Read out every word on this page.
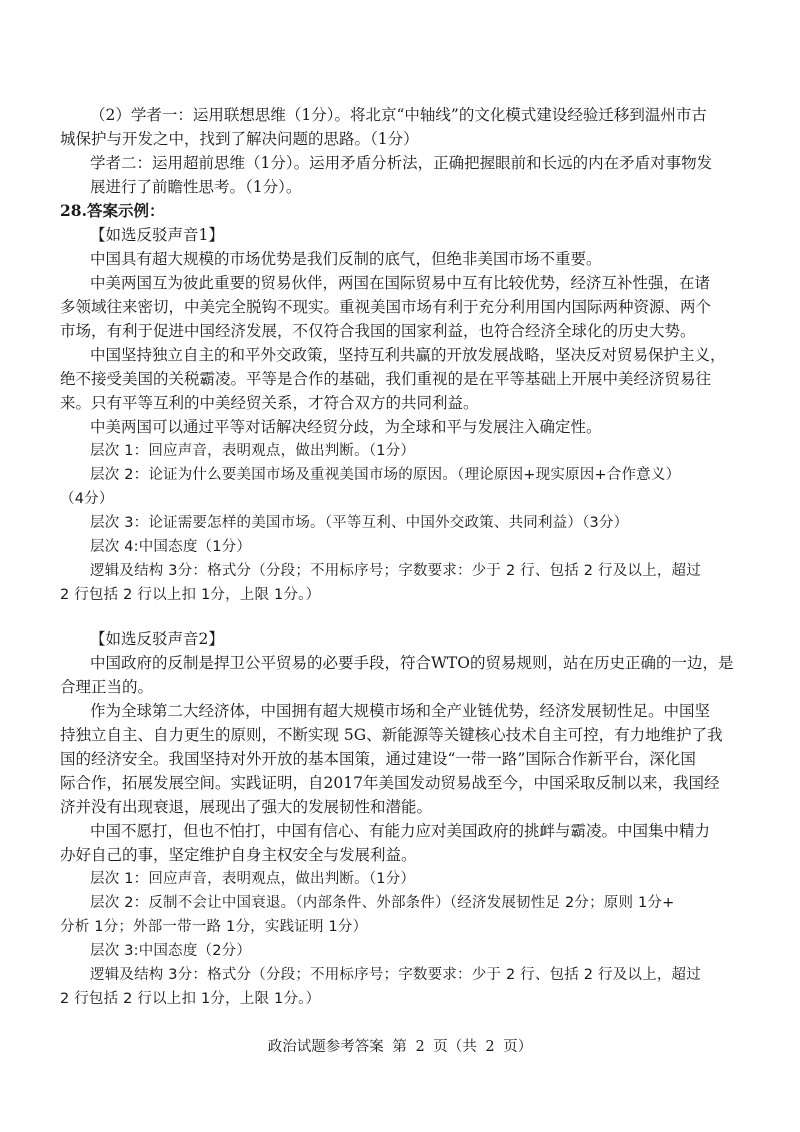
（2）学者一：运用联想思维（1分）。将北京“中轴线”的文化模式建设经验迁移到温州市古

城保护与开发之中，找到了解决问题的思路。（1分）

学者二：运用超前思维（1分）。运用矛盾分析法，正确把握眼前和长远的内在矛盾对事物发

展进行了前瞻性思考。（1分）。

28.答案示例：

【如选反驳声音1】

中国具有超大规模的市场优势是我们反制的底气，但绝非美国市场不重要。

中美两国互为彼此重要的贸易伙伴，两国在国际贸易中互有比较优势，经济互补性强，在诸

多领域往来密切，中美完全脱钩不现实。重视美国市场有利于充分利用国内国际两种资源、两个

市场，有利于促进中国经济发展，不仅符合我国的国家利益，也符合经济全球化的历史大势。

中国坚持独立自主的和平外交政策，坚持互利共赢的开放发展战略，坚决反对贸易保护主义，

绝不接受美国的关税霸凌。平等是合作的基础，我们重视的是在平等基础上开展中美经济贸易往

来。只有平等互利的中美经贸关系，才符合双方的共同利益。

中美两国可以通过平等对话解决经贸分歧，为全球和平与发展注入确定性。

层次 1：回应声音，表明观点，做出判断。（1分）

层次 2：论证为什么要美国市场及重视美国市场的原因。（理论原因+现实原因+合作意义）

（4分）

层次 3：论证需要怎样的美国市场。（平等互利、中国外交政策、共同利益）（3分）

层次 4:中国态度（1分）

逻辑及结构 3分：格式分（分段；不用标序号；字数要求：少于 2 行、包括 2 行及以上，超过

2 行包括 2 行以上扣 1分，上限 1分。）

【如选反驳声音2】

中国政府的反制是捍卫公平贸易的必要手段，符合WTO的贸易规则，站在历史正确的一边，是

合理正当的。

作为全球第二大经济体，中国拥有超大规模市场和全产业链优势，经济发展韧性足。中国坚

持独立自主、自力更生的原则，不断实现 5G、新能源等关键核心技术自主可控，有力地维护了我

国的经济安全。我国坚持对外开放的基本国策，通过建设“一带一路”国际合作新平台，深化国

际合作，拓展发展空间。实践证明，自2017年美国发动贸易战至今，中国采取反制以来，我国经

济并没有出现衰退，展现出了强大的发展韧性和潜能。

中国不愿打，但也不怕打，中国有信心、有能力应对美国政府的挑衅与霸凌。中国集中精力

办好自己的事，坚定维护自身主权安全与发展利益。

层次 1：回应声音，表明观点，做出判断。（1分）

层次 2：反制不会让中国衰退。（内部条件、外部条件）（经济发展韧性足 2分；原则 1分+

分析 1分；外部一带一路 1分，实践证明 1分）

层次 3:中国态度（2分）

逻辑及结构 3分：格式分（分段；不用标序号；字数要求：少于 2 行、包括 2 行及以上，超过

2 行包括 2 行以上扣 1分，上限 1分。）

政治试题参考答案 第 2 页（共 2 页）
